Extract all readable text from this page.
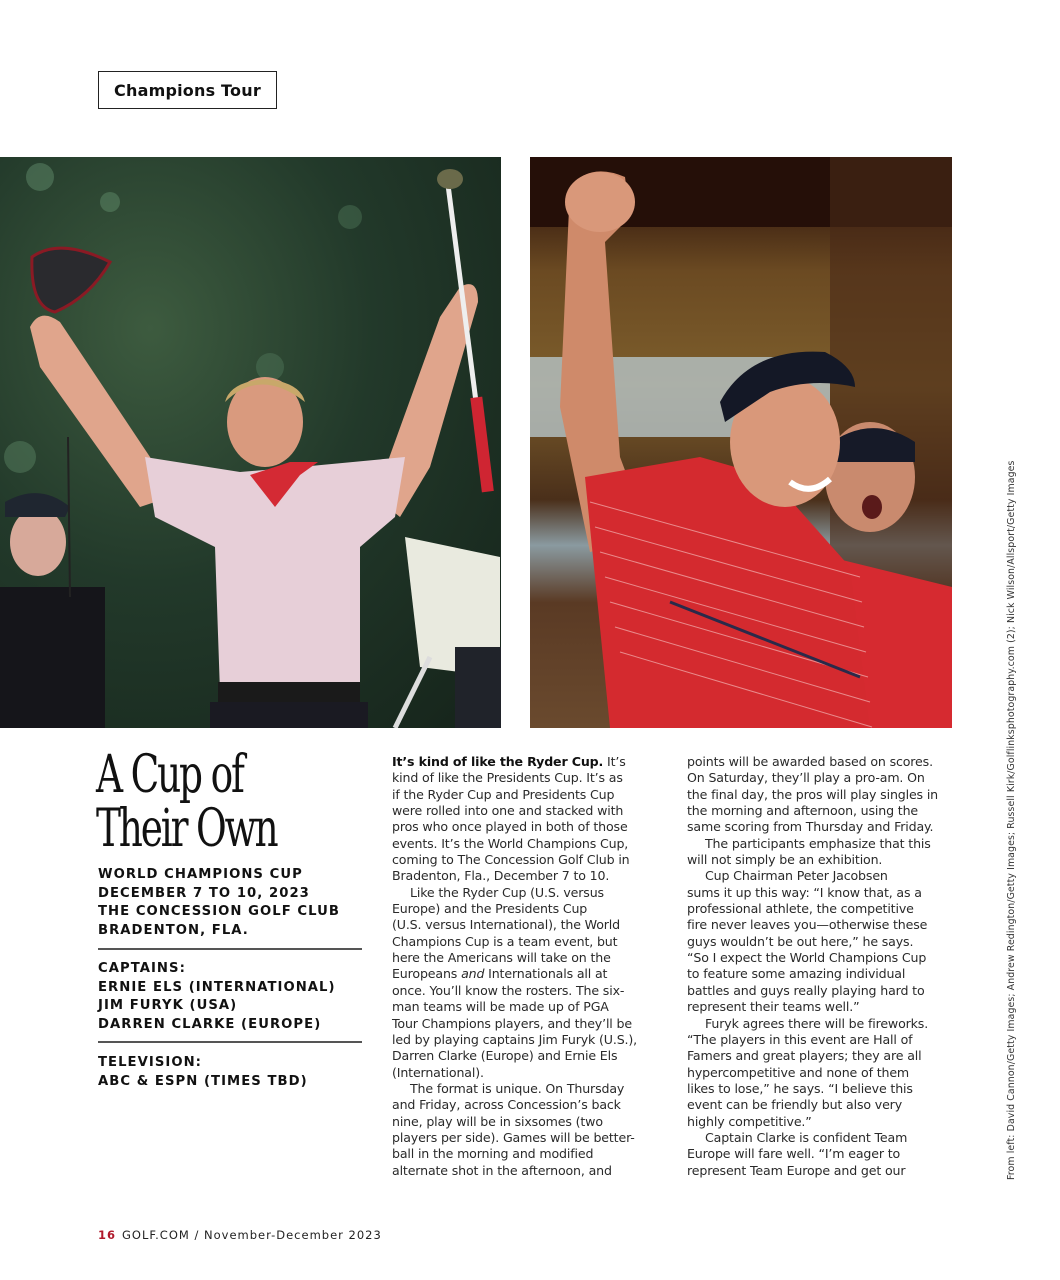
Champions Tour
A Cup of
Their Own
WORLD CHAMPIONS CUP
DECEMBER 7 TO 10, 2023
THE CONCESSION GOLF CLUB
BRADENTON, FLA.
CAPTAINS:
ERNIE ELS (INTERNATIONAL)
JIM FURYK (USA)
DARREN CLARKE (EUROPE)
TELEVISION:
ABC & ESPN (TIMES TBD)
It’s kind of like the Ryder Cup. It’s
kind of like the Presidents Cup. It’s as
if the Ryder Cup and Presidents Cup
were rolled into one and stacked with
pros who once played in both of those
events. It’s the World Champions Cup,
coming to The Concession Golf Club in
Bradenton, Fla., December 7 to 10.
Like the Ryder Cup (U.S. versus
Europe) and the Presidents Cup
(U.S. versus International), the World
Champions Cup is a team event, but
here the Americans will take on the
Europeans and Internationals all at
once. You’ll know the rosters. The six-
man teams will be made up of PGA
Tour Champions players, and they’ll be
led by playing captains Jim Furyk (U.S.),
Darren Clarke (Europe) and Ernie Els
(International).
The format is unique. On Thursday
and Friday, across Concession’s back
nine, play will be in sixsomes (two
players per side). Games will be better-
ball in the morning and modified
alternate shot in the afternoon, and
points will be awarded based on scores.
On Saturday, they’ll play a pro-am. On
the final day, the pros will play singles in
the morning and afternoon, using the
same scoring from Thursday and Friday.
The participants emphasize that this
will not simply be an exhibition.
Cup Chairman Peter Jacobsen
sums it up this way: “I know that, as a
professional athlete, the competitive
fire never leaves you—otherwise these
guys wouldn’t be out here,” he says.
“So I expect the World Champions Cup
to feature some amazing individual
battles and guys really playing hard to
represent their teams well.”
Furyk agrees there will be fireworks.
“The players in this event are Hall of
Famers and great players; they are all
hypercompetitive and none of them
likes to lose,” he says. “I believe this
event can be friendly but also very
highly competitive.”
Captain Clarke is confident Team
Europe will fare well. “I’m eager to
represent Team Europe and get our
16 GOLF.COM / November-December 2023
From left: David Cannon/Getty Images; Andrew Redington/Getty Images; Russell Kirk/Golflinksphotography.com (2); Nick Wilson/Allsport/Getty Images
